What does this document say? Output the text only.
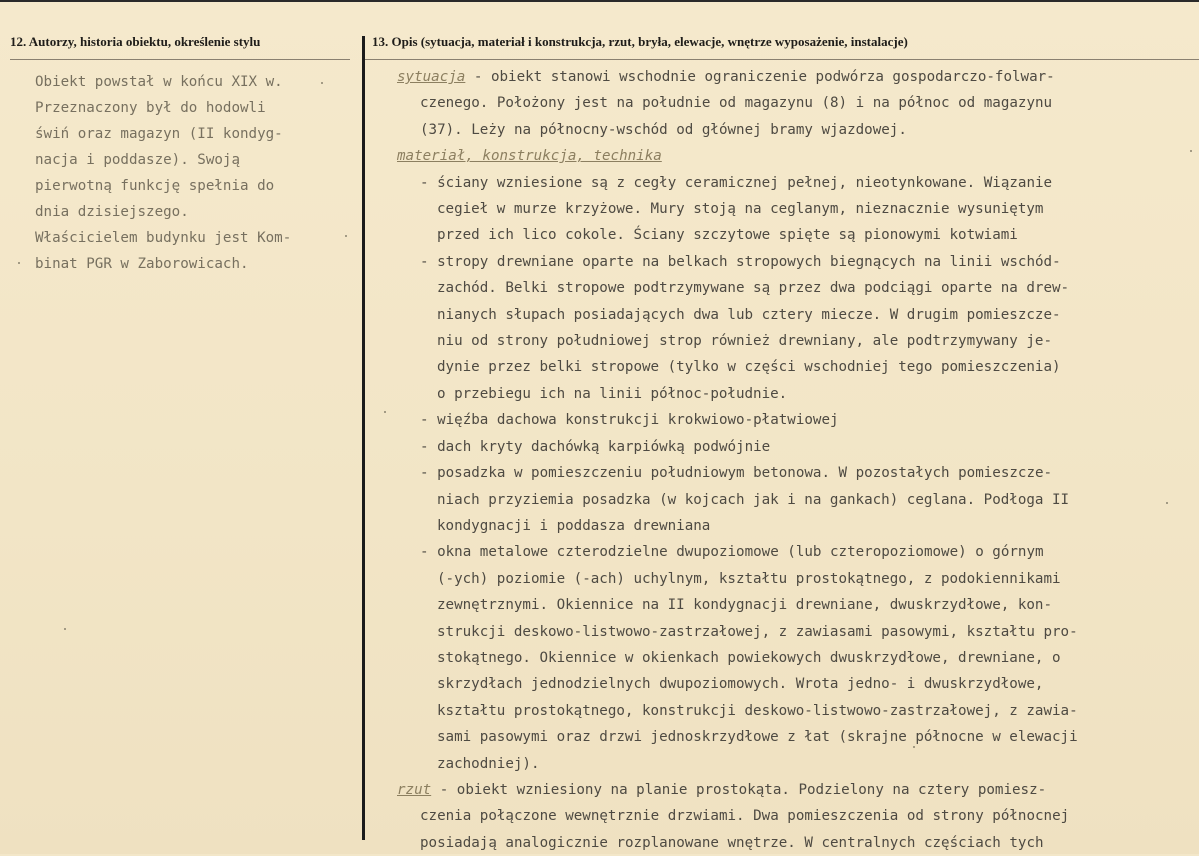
12. Autorzy, historia obiektu, określenie stylu	13. Opis (sytuacja, materiał i konstrukcja, rzut, bryła, elewacje, wnętrze wyposażenie, instalacje)
Obiekt powstał w końcu XIX w.
Przeznaczony był do hodowli
świń oraz magazyn (II kondyg-
nacja i poddasze). Swoją
pierwotną funkcję spełnia do
dnia dzisiejszego.
Właścicielem budynku jest Kom-
binat PGR w Zaborowicach.
sytuacja - obiekt stanowi wschodnie ograniczenie podwórza gospodarczo-folwar-
czenego. Położony jest na południe od magazynu (8) i na północ od magazynu
(37). Leży na północny-wschód od głównej bramy wjazdowej.
materiał, konstrukcja, technika
- ściany wzniesione są z cegły ceramicznej pełnej, nieotynkowane. Wiązanie
cegieł w murze krzyżowe. Mury stoją na ceglanym, nieznacznie wysuniętym
przed ich lico cokole. Ściany szczytowe spięte są pionowymi kotwiami
- stropy drewniane oparte na belkach stropowych biegnących na linii wschód-
zachód. Belki stropowe podtrzymywane są przez dwa podciągi oparte na drew-
nianych słupach posiadających dwa lub cztery miecze. W drugim pomieszcze-
niu od strony południowej strop również drewniany, ale podtrzymywany je-
dynie przez belki stropowe (tylko w części wschodniej tego pomieszczenia)
o przebiegu ich na linii północ-południe.
- więźba dachowa konstrukcji krokwiowo-płatwiowej
- dach kryty dachówką karpiówką podwójnie
- posadzka w pomieszczeniu południowym betonowa. W pozostałych pomieszcze-
niach przyziemia posadzka (w kojcach jak i na gankach) ceglana. Podłoga II
kondygnacji i poddasza drewniana
- okna metalowe czterodzielne dwupoziomowe (lub czteropoziomowe) o górnym
(-ych) poziomie (-ach) uchylnym, kształtu prostokątnego, z podokiennikami
zewnętrznymi. Okiennice na II kondygnacji drewniane, dwuskrzydłowe, kon-
strukcji deskowo-listwowo-zastrzałowej, z zawiasami pasowymi, kształtu pro-
stokątnego. Okiennice w okienkach powiekowych dwuskrzydłowe, drewniane, o
skrzydłach jednodzielnych dwupoziomowych. Wrota jedno- i dwuskrzydłowe,
kształtu prostokątnego, konstrukcji deskowo-listwowo-zastrzałowej, z zawia-
sami pasowymi oraz drzwi jednoskrzydłowe z łat (skrajne północne w elewacji
zachodniej).
rzut - obiekt wzniesiony na planie prostokąta. Podzielony na cztery pomiesz-
czenia połączone wewnętrznie drzwiami. Dwa pomieszczenia od strony północnej
posiadają analogicznie rozplanowane wnętrze. W centralnych częściach tych
